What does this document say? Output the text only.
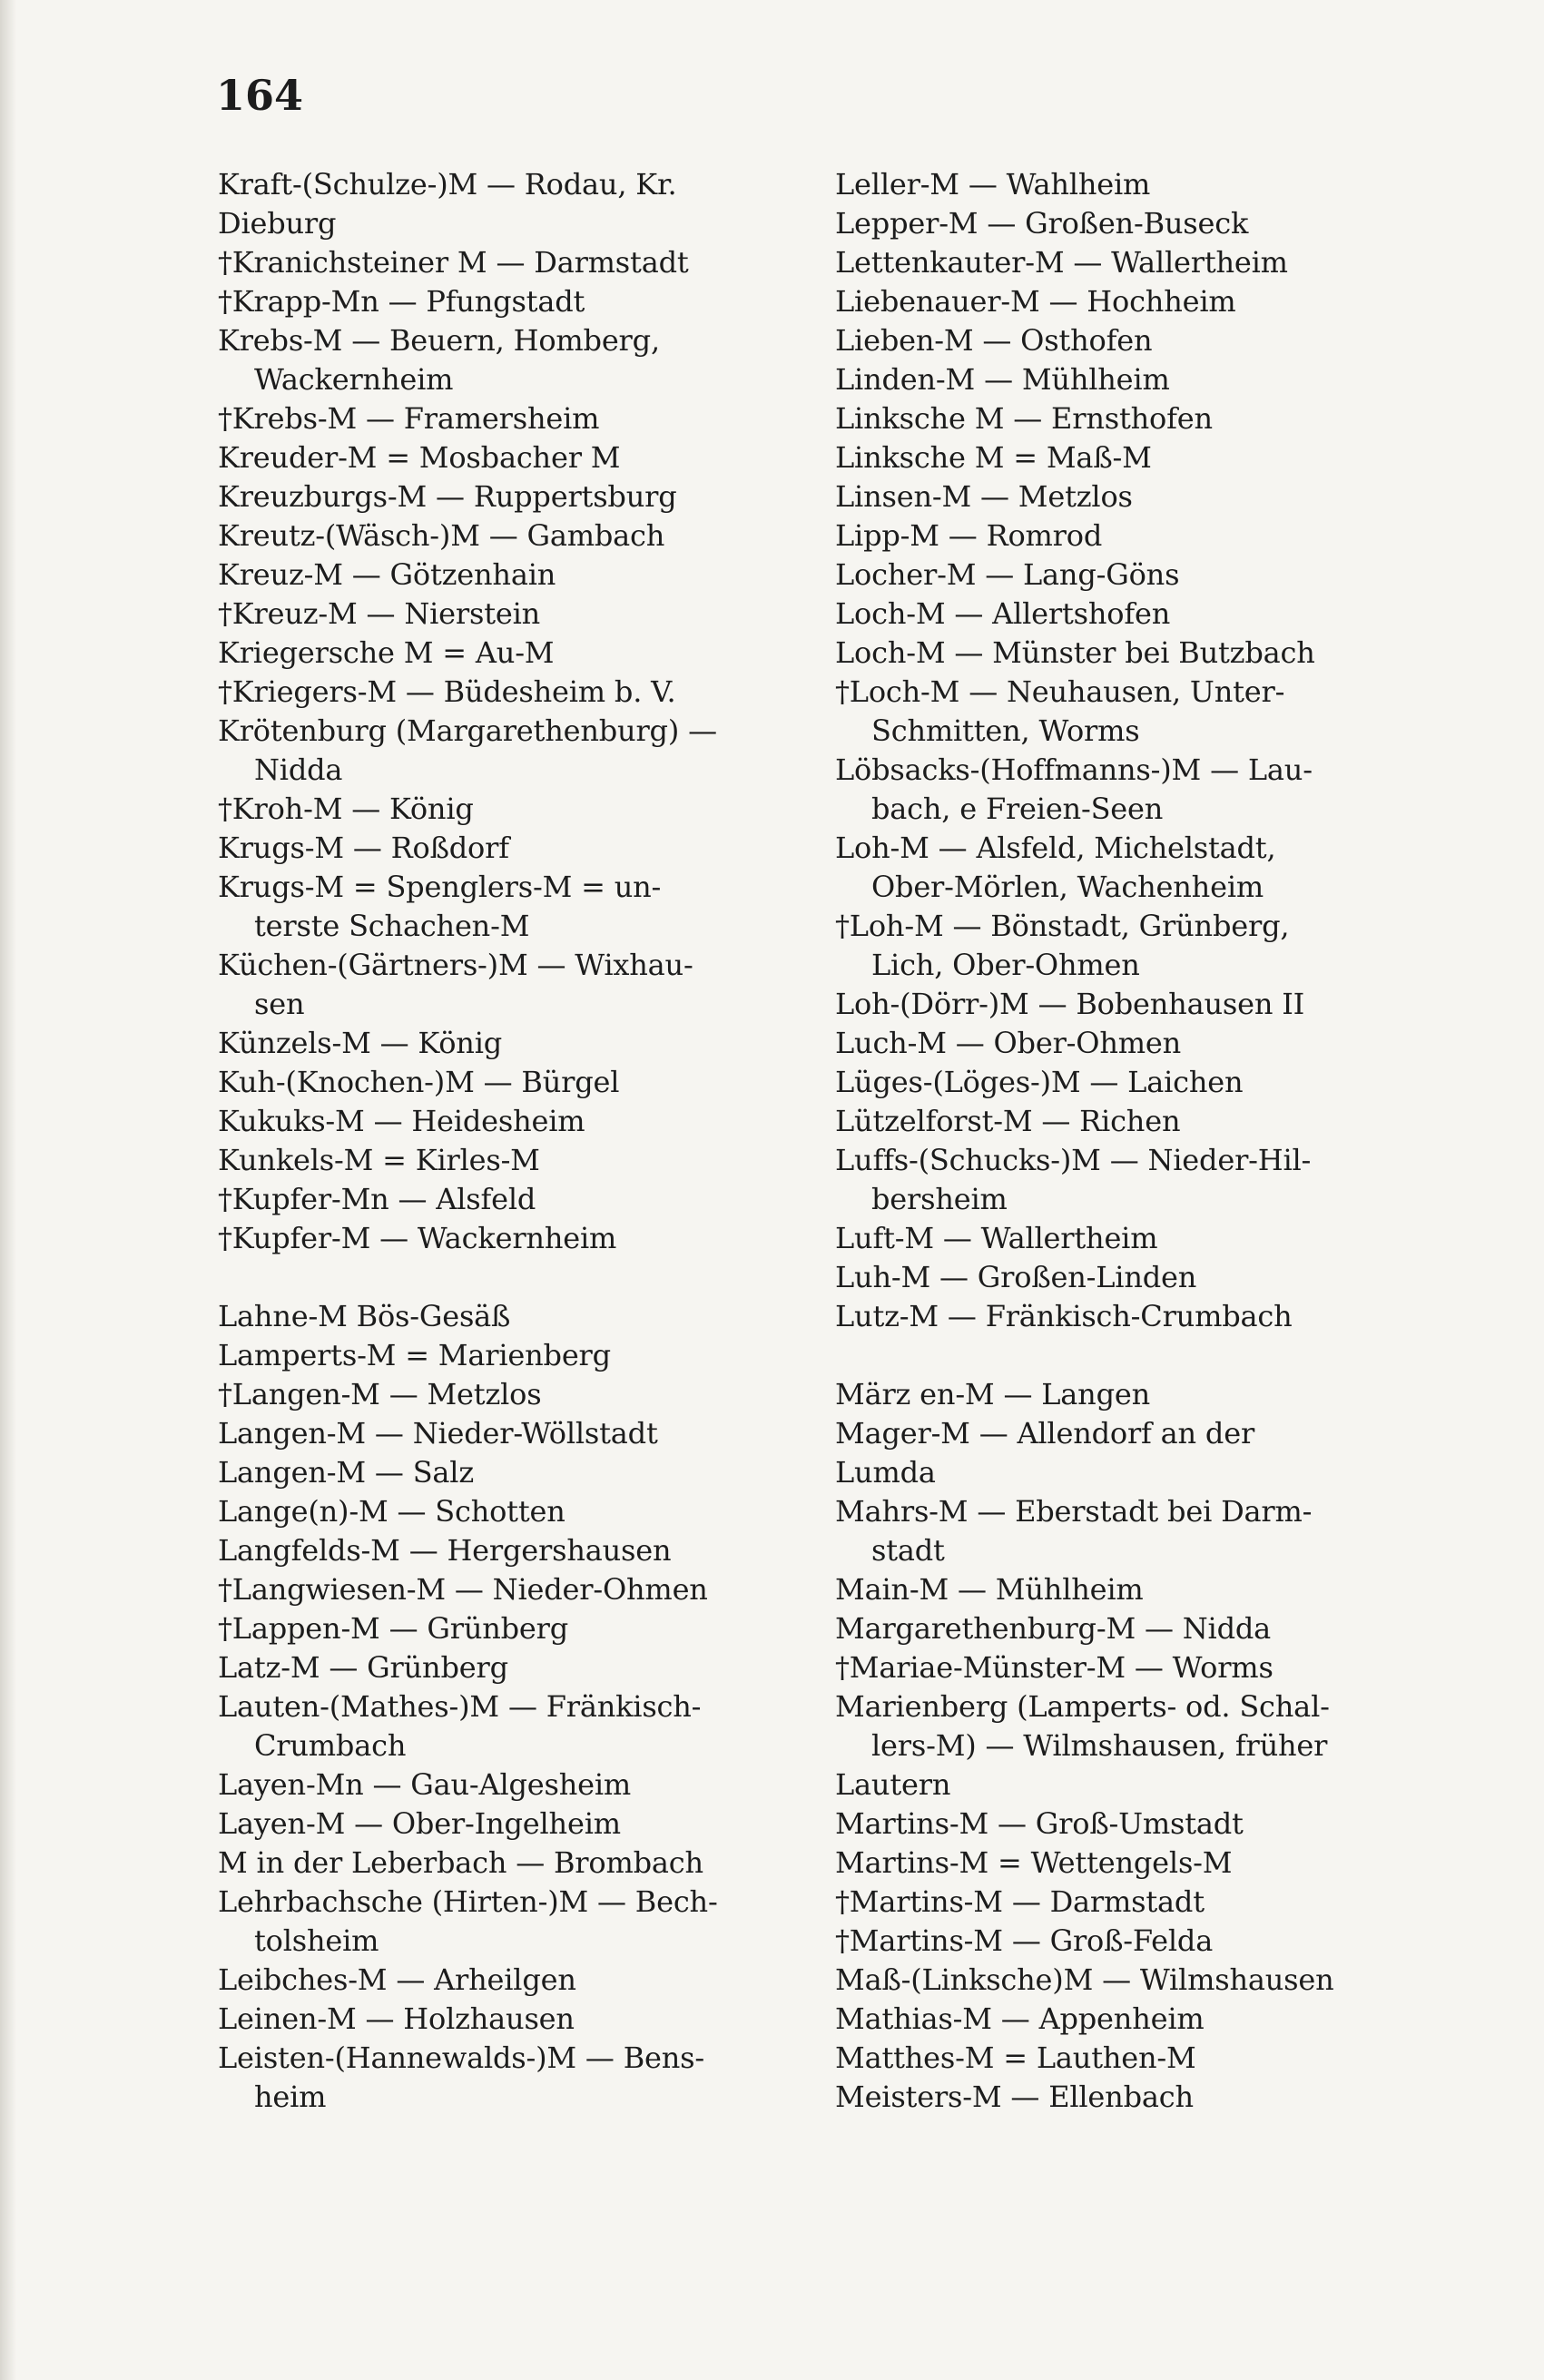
164
Kraft-(Schulze-)M — Rodau, Kr.
Dieburg
†Kranichsteiner M — Darmstadt
†Krapp-Mn — Pfungstadt
Krebs-M — Beuern, Homberg,
Wackernheim
†Krebs-M — Framersheim
Kreuder-M = Mosbacher M
Kreuzburgs-M — Ruppertsburg
Kreutz-(Wäsch-)M — Gambach
Kreuz-M — Götzenhain
†Kreuz-M — Nierstein
Kriegersche M = Au-M
†Kriegers-M — Büdesheim b. V.
Krötenburg (Margarethenburg) —
Nidda
†Kroh-M — König
Krugs-M — Roßdorf
Krugs-M = Spenglers-M = un-
terste Schachen-M
Küchen-(Gärtners-)M — Wixhau-
sen
Künzels-M — König
Kuh-(Knochen-)M — Bürgel
Kukuks-M — Heidesheim
Kunkels-M = Kirles-M
†Kupfer-Mn — Alsfeld
†Kupfer-M — Wackernheim
Lahne-M Bös-Gesäß
Lamperts-M = Marienberg
†Langen-M — Metzlos
Langen-M — Nieder-Wöllstadt
Langen-M — Salz
Lange(n)-M — Schotten
Langfelds-M — Hergershausen
†Langwiesen-M — Nieder-Ohmen
†Lappen-M — Grünberg
Latz-M — Grünberg
Lauten-(Mathes-)M — Fränkisch-
Crumbach
Layen-Mn — Gau-Algesheim
Layen-M — Ober-Ingelheim
M in der Leberbach — Brombach
Lehrbachsche (Hirten-)M — Bech-
tolsheim
Leibches-M — Arheilgen
Leinen-M — Holzhausen
Leisten-(Hannewalds-)M — Bens-
heim
Leller-M — Wahlheim
Lepper-M — Großen-Buseck
Lettenkauter-M — Wallertheim
Liebenauer-M — Hochheim
Lieben-M — Osthofen
Linden-M — Mühlheim
Linksche M — Ernsthofen
Linksche M = Maß-M
Linsen-M — Metzlos
Lipp-M — Romrod
Locher-M — Lang-Göns
Loch-M — Allertshofen
Loch-M — Münster bei Butzbach
†Loch-M — Neuhausen, Unter-
Schmitten, Worms
Löbsacks-(Hoffmanns-)M — Lau-
bach, e Freien-Seen
Loh-M — Alsfeld, Michelstadt,
Ober-Mörlen, Wachenheim
†Loh-M — Bönstadt, Grünberg,
Lich, Ober-Ohmen
Loh-(Dörr-)M — Bobenhausen II
Luch-M — Ober-Ohmen
Lüges-(Löges-)M — Laichen
Lützelforst-M — Richen
Luffs-(Schucks-)M — Nieder-Hil-
bersheim
Luft-M — Wallertheim
Luh-M — Großen-Linden
Lutz-M — Fränkisch-Crumbach
März en-M — Langen
Mager-M — Allendorf an der
Lumda
Mahrs-M — Eberstadt bei Darm-
stadt
Main-M — Mühlheim
Margarethenburg-M — Nidda
†Mariae-Münster-M — Worms
Marienberg (Lamperts- od. Schal-
lers-M) — Wilmshausen, früher
Lautern
Martins-M — Groß-Umstadt
Martins-M = Wettengels-M
†Martins-M — Darmstadt
†Martins-M — Groß-Felda
Maß-(Linksche)M — Wilmshausen
Mathias-M — Appenheim
Matthes-M = Lauthen-M
Meisters-M — Ellenbach
